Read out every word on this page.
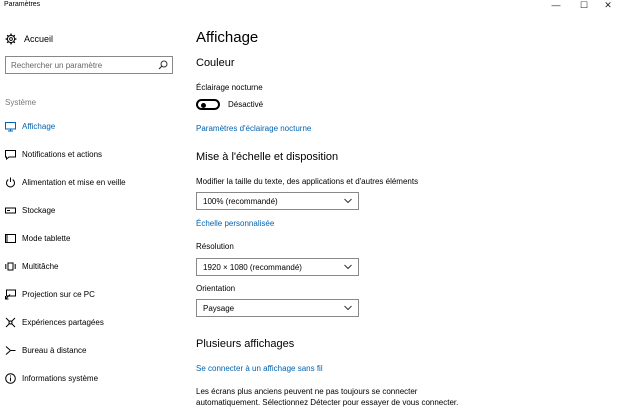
Paramètres	—	☐	✕
Accueil
Rechercher un paramètre
Système
Affichage
Notifications et actions
Alimentation et mise en veille
Stockage
Mode tablette
Multitâche
Projection sur ce PC
Expériences partagées
Bureau à distance
Informations système
Affichage
Couleur
Éclairage nocturne
Désactivé
Paramètres d'éclairage nocturne
Mise à l'échelle et disposition
Modifier la taille du texte, des applications et d'autres éléments
100% (recommandé)
Échelle personnalisée
Résolution
1920 × 1080 (recommandé)
Orientation
Paysage
Plusieurs affichages
Se connecter à un affichage sans fil
Les écrans plus anciens peuvent ne pas toujours se connecter automatiquement. Sélectionnez Détecter pour essayer de vous connecter.
